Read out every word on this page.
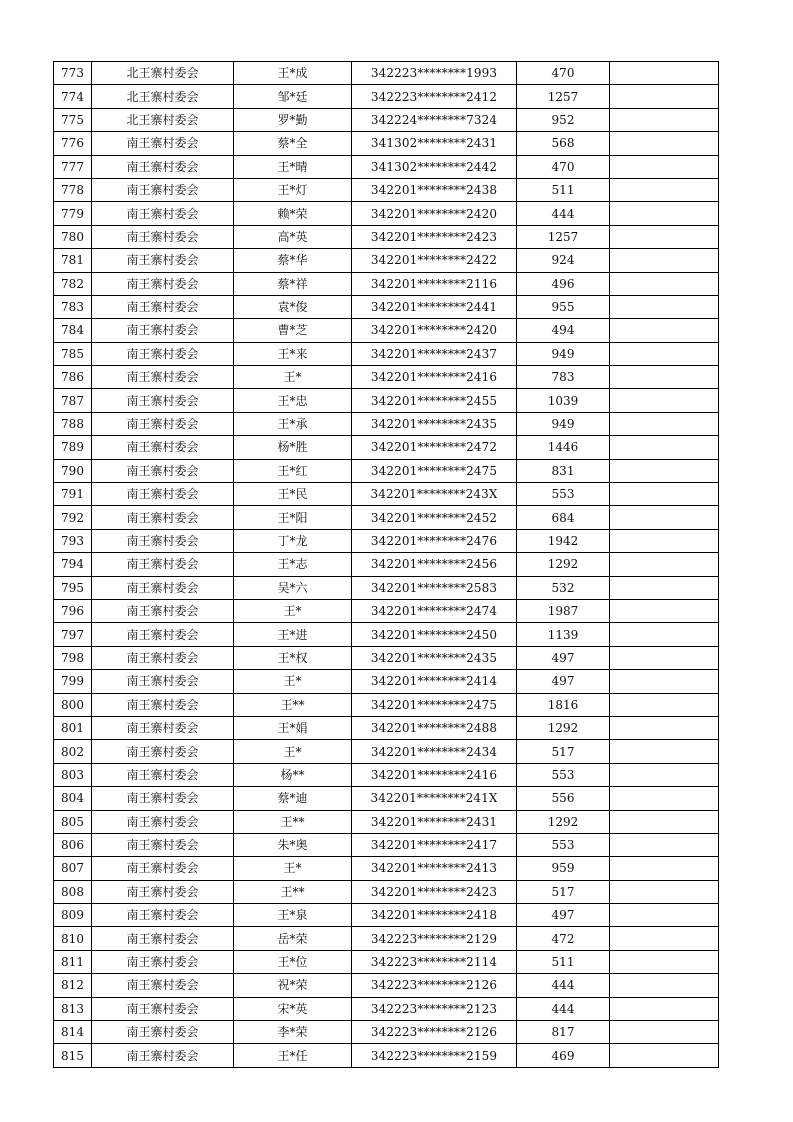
773	北王寨村委会	王*成	342223********1993	470	
774	北王寨村委会	邹*廷	342223********2412	1257	
775	北王寨村委会	罗*勤	342224********7324	952	
776	南王寨村委会	蔡*全	341302********2431	568	
777	南王寨村委会	王*晴	341302********2442	470	
778	南王寨村委会	王*灯	342201********2438	511	
779	南王寨村委会	赖*荣	342201********2420	444	
780	南王寨村委会	高*英	342201********2423	1257	
781	南王寨村委会	蔡*华	342201********2422	924	
782	南王寨村委会	蔡*祥	342201********2116	496	
783	南王寨村委会	袁*俊	342201********2441	955	
784	南王寨村委会	曹*芝	342201********2420	494	
785	南王寨村委会	王*来	342201********2437	949	
786	南王寨村委会	王*	342201********2416	783	
787	南王寨村委会	王*忠	342201********2455	1039	
788	南王寨村委会	王*承	342201********2435	949	
789	南王寨村委会	杨*胜	342201********2472	1446	
790	南王寨村委会	王*红	342201********2475	831	
791	南王寨村委会	王*民	342201********243X	553	
792	南王寨村委会	王*阳	342201********2452	684	
793	南王寨村委会	丁*龙	342201********2476	1942	
794	南王寨村委会	王*志	342201********2456	1292	
795	南王寨村委会	吴*六	342201********2583	532	
796	南王寨村委会	王*	342201********2474	1987	
797	南王寨村委会	王*进	342201********2450	1139	
798	南王寨村委会	王*权	342201********2435	497	
799	南王寨村委会	王*	342201********2414	497	
800	南王寨村委会	王**	342201********2475	1816	
801	南王寨村委会	王*娟	342201********2488	1292	
802	南王寨村委会	王*	342201********2434	517	
803	南王寨村委会	杨**	342201********2416	553	
804	南王寨村委会	蔡*迪	342201********241X	556	
805	南王寨村委会	王**	342201********2431	1292	
806	南王寨村委会	朱*奥	342201********2417	553	
807	南王寨村委会	王*	342201********2413	959	
808	南王寨村委会	王**	342201********2423	517	
809	南王寨村委会	王*泉	342201********2418	497	
810	南王寨村委会	岳*荣	342223********2129	472	
811	南王寨村委会	王*位	342223********2114	511	
812	南王寨村委会	祝*荣	342223********2126	444	
813	南王寨村委会	宋*英	342223********2123	444	
814	南王寨村委会	李*荣	342223********2126	817	
815	南王寨村委会	王*任	342223********2159	469	
